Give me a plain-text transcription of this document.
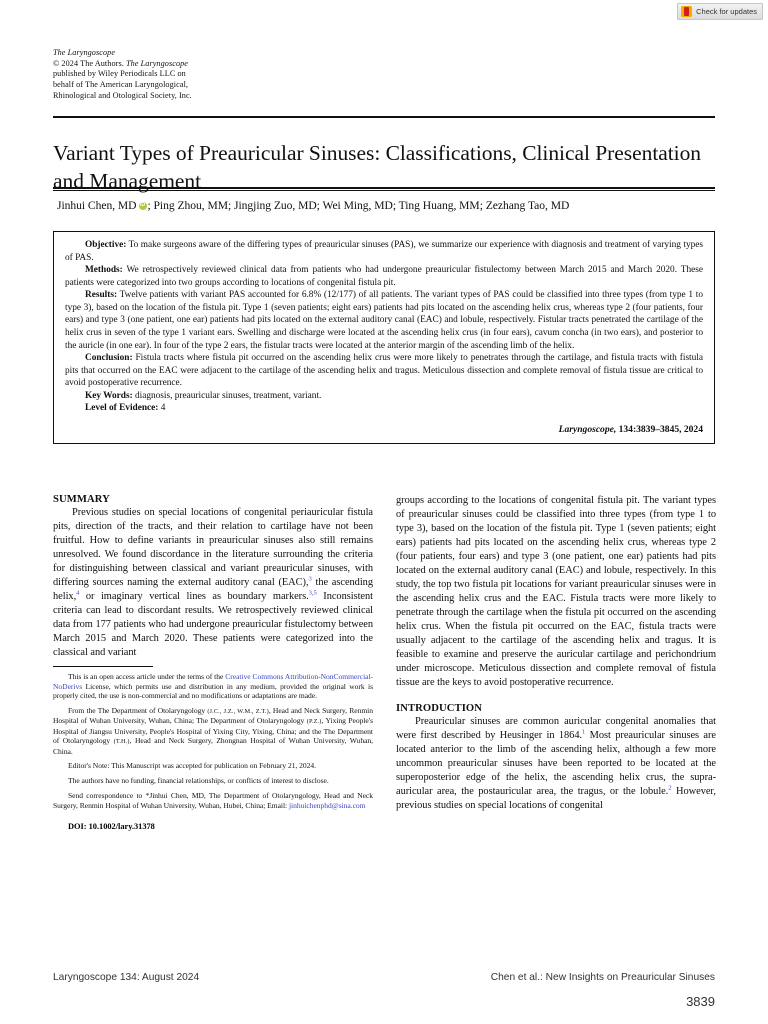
Check for updates
The Laryngoscope
© 2024 The Authors. The Laryngoscope
published by Wiley Periodicals LLC on
behalf of The American Laryngological,
Rhinological and Otological Society, Inc.
Variant Types of Preauricular Sinuses: Classifications, Clinical Presentation and Management
Jinhui Chen, MD iD ; Ping Zhou, MM; Jingjing Zuo, MD; Wei Ming, MD; Ting Huang, MM; Zezhang Tao, MD

Objective: To make surgeons aware of the differing types of preauricular sinuses (PAS), we summarize our experience with diagnosis and treatment of varying types of PAS.

Methods: We retrospectively reviewed clinical data from patients who had undergone preauricular fistulectomy between March 2015 and March 2020. These patients were categorized into two groups according to locations of congenital fistula pit.

Results: Twelve patients with variant PAS accounted for 6.8% (12/177) of all patients. The variant types of PAS could be classified into three types (from type 1 to type 3), based on the location of the fistula pit. Type 1 (seven patients; eight ears) patients had pits located on the ascending helix crus, whereas type 2 (four patients, four ears) and type 3 (one patient, one ear) patients had pits located on the external auditory canal (EAC) and lobule, respectively. Fistular tracts penetrated the cartilage of the helix crus in seven of the type 1 variant ears. Swelling and discharge were located at the ascending helix crus (in four ears), cavum concha (in two ears), and posterior to the auricle (in one ear). In four of the type 2 ears, the fistular tracts were located at the anterior margin of the ascending limb of the helix.

Conclusion: Fistula tracts where fistula pit occurred on the ascending helix crus were more likely to penetrates through the cartilage, and fistula tracts with fistula pits that occurred on the EAC were adjacent to the cartilage of the ascending helix and tragus. Meticulous dissection and complete removal of fistula tissue are critical to avoid postoperative recurrence.

Key Words: diagnosis, preauricular sinuses, treatment, variant.

Level of Evidence: 4

Laryngoscope, 134:3839–3845, 2024

SUMMARY

Previous studies on special locations of congenital periauricular fistula pits, direction of the tracts, and their relation to cartilage have not been fruitful. How to define variants in preauricular sinuses also still remains unresolved. We found discordance in the literature surrounding the criteria for distinguishing between classical and variant preauricular sinuses, with differing sources naming the external auditory canal (EAC),$^3$ the ascending helix,$^4$ or imaginary vertical lines as boundary markers.$^{3,5}$ Inconsistent criteria can lead to discordant results. We retrospectively reviewed clinical data from 177 patients who had undergone preauricular fistulectomy between March 2015 and March 2020. These patients were categorized into the classical and variant

This is an open access article under the terms of the Creative Commons Attribution-NonCommercial-NoDerivs License, which permits use and distribution in any medium, provided the original work is properly cited, the use is non-commercial and no modifications or adaptations are made.

From the The Department of Otolaryngology (J.C., J.Z., W.M., Z.T.), Head and Neck Surgery, Renmin Hospital of Wuhan University, Wuhan, China; The Department of Otolaryngology (P.Z.), Yixing People's Hospital of Jiangsu University, People's Hospital of Yixing City, Yixing, China; and the The Department of Otolaryngology (T.H.), Head and Neck Surgery, Zhongnan Hospital of Wuhan University, Wuhan, China.

Editor's Note: This Manuscript was accepted for publication on February 21, 2024.

The authors have no funding, financial relationships, or conflicts of interest to disclose.

Send correspondence to *Jinhui Chen, MD, The Department of Otolaryngology, Head and Neck Surgery, Renmin Hospital of Wuhan University, Wuhan, Hubei, China; Email: jinhuichenphd@sina.com

DOI: 10.1002/lary.31378

groups according to the locations of congenital fistula pit. The variant types of preauricular sinuses could be classified into three types (from type 1 to type 3), based on the location of the fistula pit. Type 1 (seven patients; eight ears) patients had pits located on the ascending helix crus, whereas type 2 (four patients, four ears) and type 3 (one patient, one ear) patients had pits located on the external auditory canal (EAC) and lobule, respectively. In this study, the top two fistula pit locations for variant preauricular sinuses were in the ascending helix crus and the EAC. Fistula tracts were more likely to penetrate through the cartilage when the fistula pit occurred on the ascending helix crus. When the fistula pit occurred on the EAC, fistula tracts were usually adjacent to the cartilage of the ascending helix and tragus. It is feasible to examine and preserve the auricular cartilage and perichondrium under microscope. Meticulous dissection and complete removal of fistula tissue are the keys to avoid postoperative recurrence.

INTRODUCTION

Preauricular sinuses are common auricular congenital anomalies that were first described by Heusinger in 1864.$^1$ Most preauricular sinuses are located anterior to the limb of the ascending helix, although a few more uncommon preauricular sinuses have been reported to be located at the superoposterior edge of the helix, the ascending helix crus, the supra-auricular area, the postauricular area, the tragus, or the lobule.$^2$ However, previous studies on special locations of congenital

Laryngoscope 134: August 2024	Chen et al.: New Insights on Preauricular Sinuses
3839
